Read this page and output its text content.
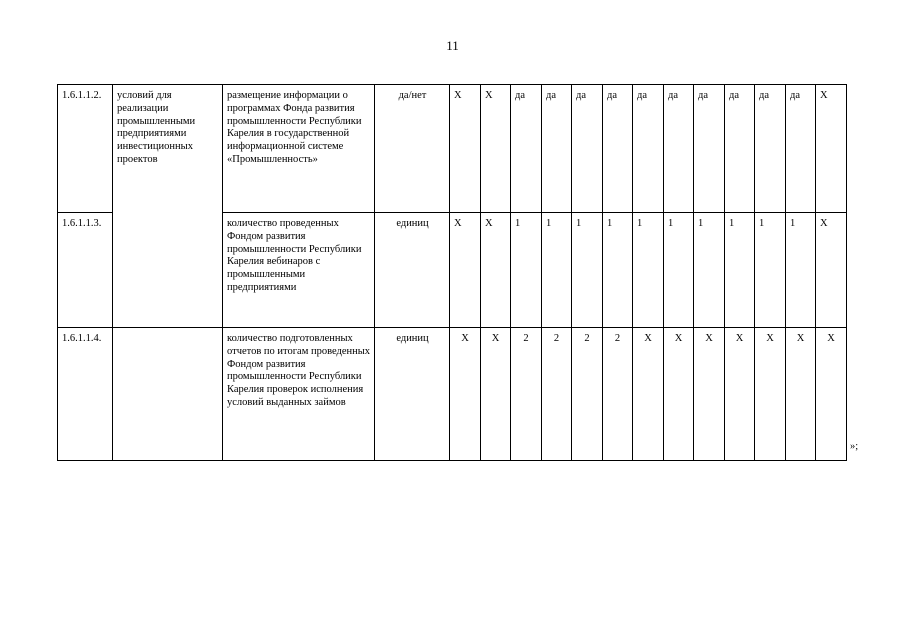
11
1.6.1.1.2.	условий для реализации промышленными предприятиями инвестиционных проектов	размещение информации о программах Фонда развития промышленности Республики Карелия в государственной информационной системе «Промышленность»	да/нет	Х	Х	да	да	да	да	да	да	да	да	да	да	Х
1.6.1.1.3.		количество проведенных Фондом развития промышленности Республики Карелия вебинаров с промышленными предприятиями	единиц	Х	Х	1	1	1	1	1	1	1	1	1	1	Х
1.6.1.1.4.		количество подготовленных отчетов по итогам проведенных Фондом развития промышленности Республики Карелия проверок исполнения условий выданных займов	единиц	Х	Х	2	2	2	2	Х	Х	Х	Х	Х	Х	Х
»;
